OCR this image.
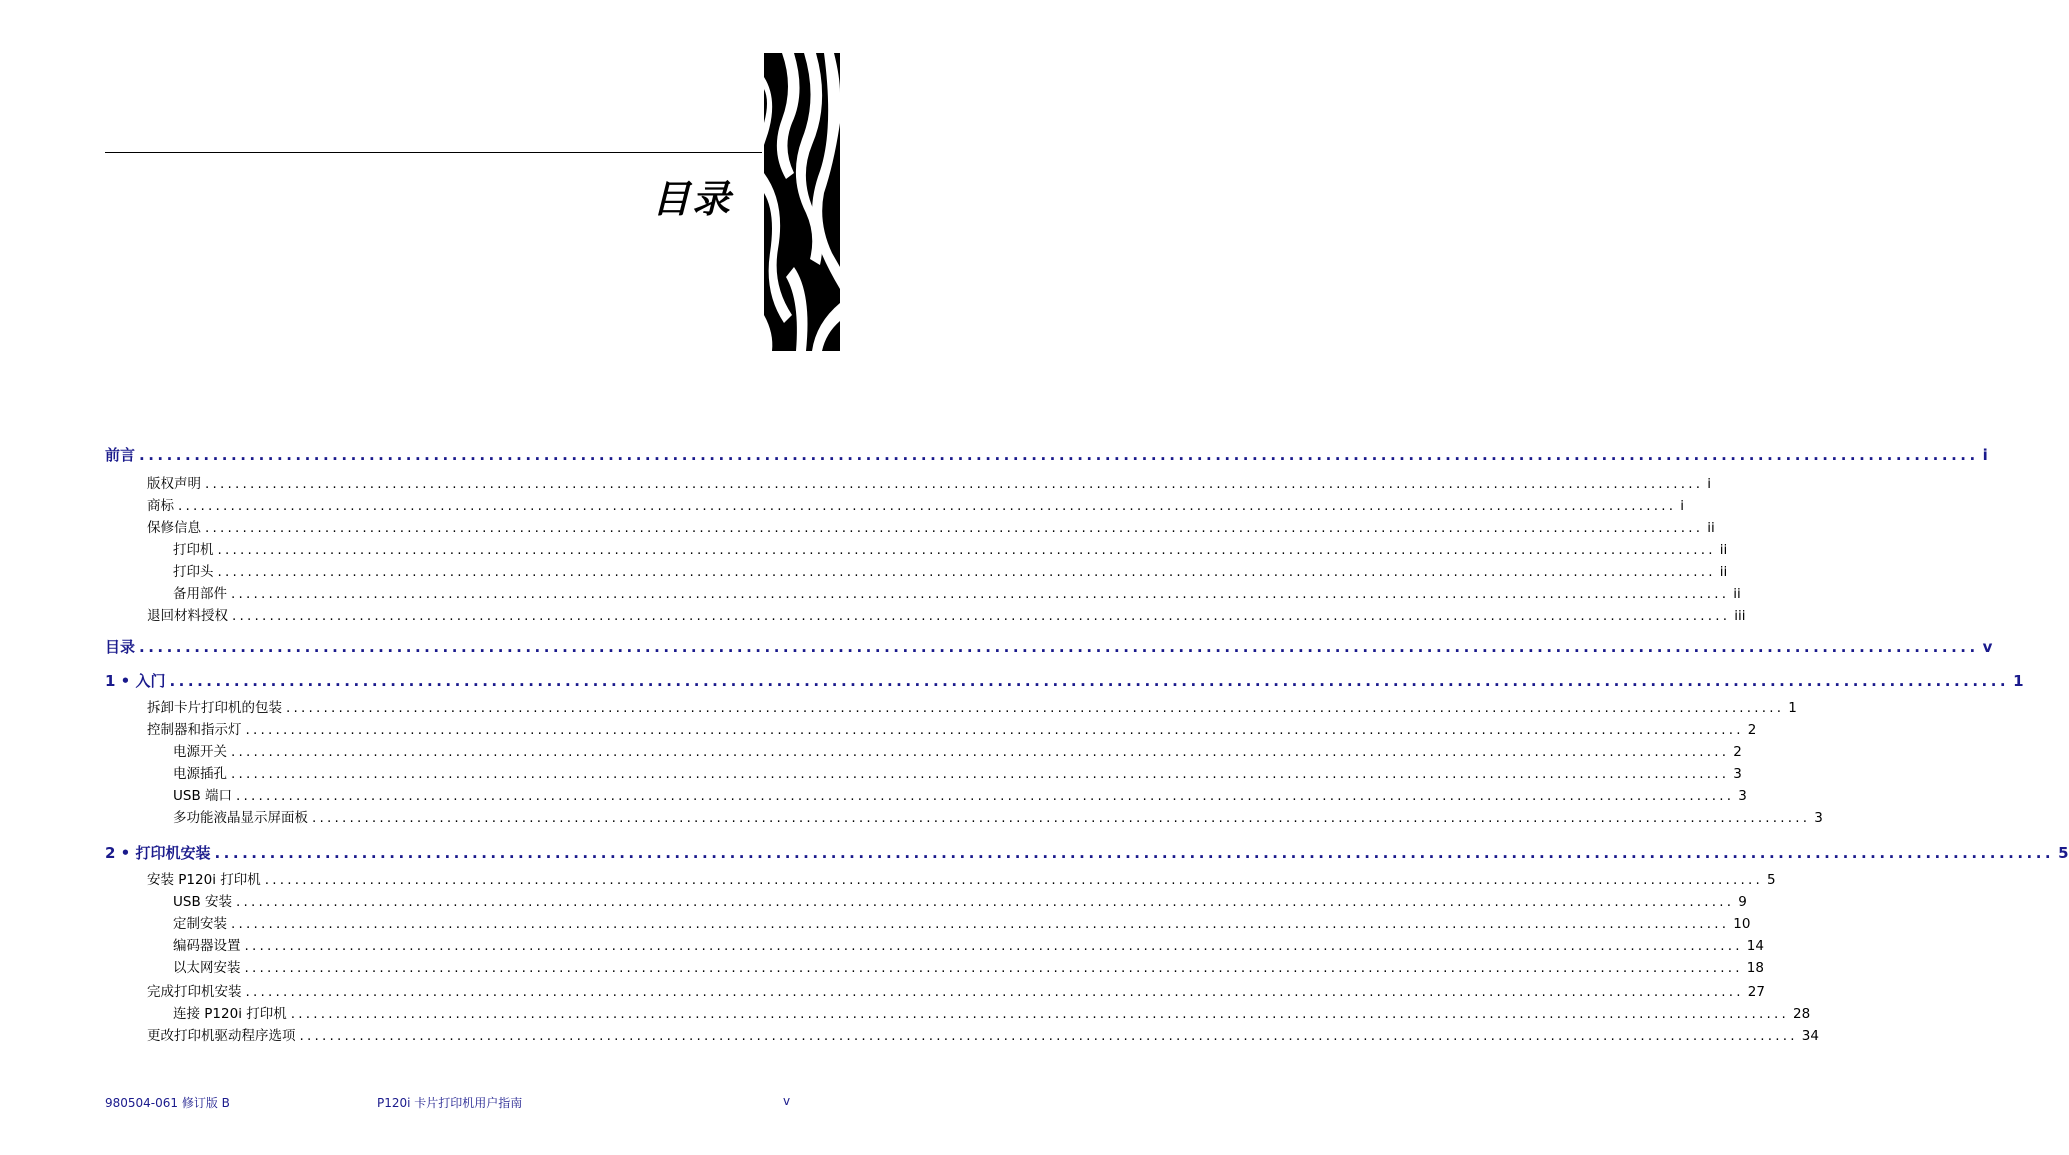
目录
前言 ........................................................................................................................................................................................................ i
版权声明 ........................................................................................................................................................................................................ i
商标 ........................................................................................................................................................................................................ i
保修信息 ........................................................................................................................................................................................................ ii
打印机 ........................................................................................................................................................................................................ ii
打印头 ........................................................................................................................................................................................................ ii
备用部件 ........................................................................................................................................................................................................ ii
退回材料授权 ........................................................................................................................................................................................................ iii
目录 ........................................................................................................................................................................................................ v
1 • 入门 ........................................................................................................................................................................................................ 1
拆卸卡片打印机的包装 ........................................................................................................................................................................................................ 1
控制器和指示灯 ........................................................................................................................................................................................................ 2
电源开关 ........................................................................................................................................................................................................ 2
电源插孔 ........................................................................................................................................................................................................ 3
USB 端口 ........................................................................................................................................................................................................ 3
多功能液晶显示屏面板 ........................................................................................................................................................................................................ 3
2 • 打印机安装 ........................................................................................................................................................................................................ 5
安装 P120i 打印机 ........................................................................................................................................................................................................ 5
USB 安装 ........................................................................................................................................................................................................ 9
定制安装 ........................................................................................................................................................................................................ 10
编码器设置 ........................................................................................................................................................................................................ 14
以太网安装 ........................................................................................................................................................................................................ 18
完成打印机安装 ........................................................................................................................................................................................................ 27
连接 P120i 打印机 ........................................................................................................................................................................................................ 28
更改打印机驱动程序选项 ........................................................................................................................................................................................................ 34
980504-061 修订版 B	P120i 卡片打印机用户指南	v
